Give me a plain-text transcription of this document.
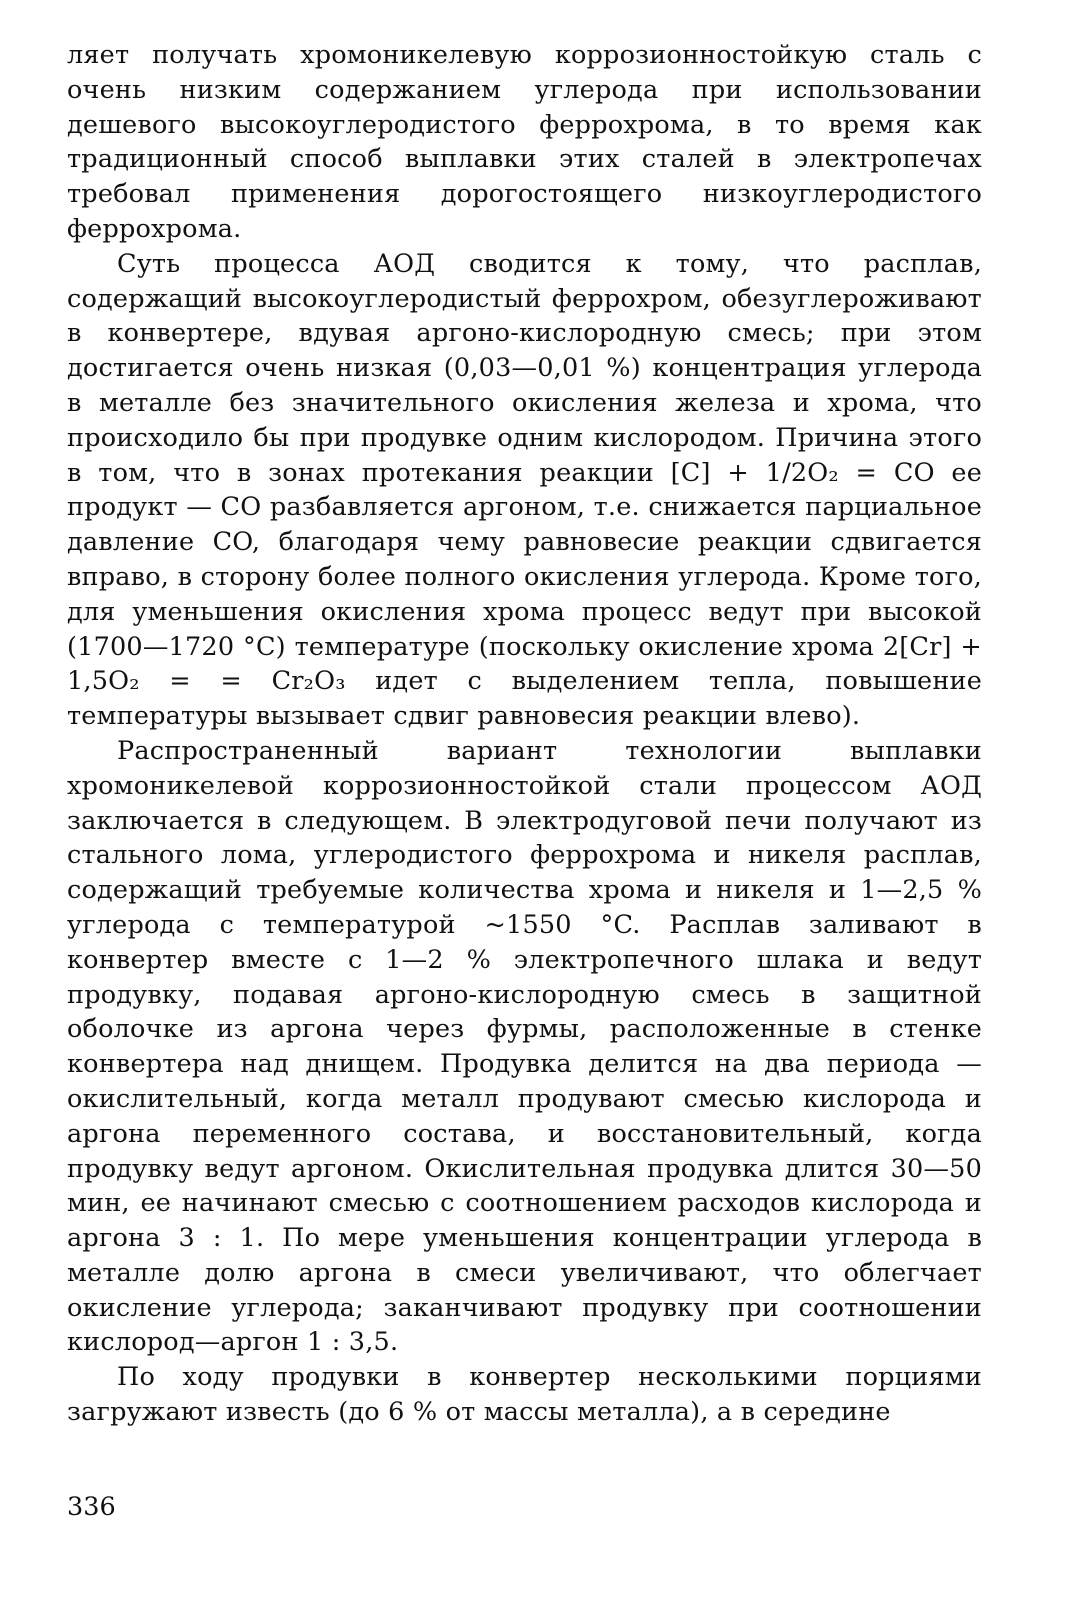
ляет получать хромоникелевую коррозионностойкую сталь с очень низким содержанием углерода при использовании дешевого высокоуглеродистого феррохрома, в то время как традиционный способ выплавки этих сталей в электропечах требовал применения дорогостоящего низкоуглеродистого феррохрома.

Суть процесса АОД сводится к тому, что расплав, содержащий высокоуглеродистый феррохром, обезуглероживают в конвертере, вдувая аргоно-кислородную смесь; при этом достигается очень низкая (0,03—0,01 %) концентрация углерода в металле без значительного окисления железа и хрома, что происходило бы при продувке одним кислородом. Причина этого в том, что в зонах протекания реакции [C] + 1/2O₂ = CO ее продукт — CO разбавляется аргоном, т.е. снижается парциальное давление CO, благодаря чему равновесие реакции сдвигается вправо, в сторону более полного окисления углерода. Кроме того, для уменьшения окисления хрома процесс ведут при высокой (1700—1720 °C) температуре (поскольку окисление хрома 2[Cr] + 1,5O₂ = = Cr₂O₃ идет с выделением тепла, повышение температуры вызывает сдвиг равновесия реакции влево).

Распространенный вариант технологии выплавки хромоникелевой коррозионностойкой стали процессом АОД заключается в следующем. В электродуговой печи получают из стального лома, углеродистого феррохрома и никеля расплав, содержащий требуемые количества хрома и никеля и 1—2,5 % углерода с температурой ~1550 °C. Расплав заливают в конвертер вместе с 1—2 % электропечного шлака и ведут продувку, подавая аргоно-кислородную смесь в защитной оболочке из аргона через фурмы, расположенные в стенке конвертера над днищем. Продувка делится на два периода — окислительный, когда металл продувают смесью кислорода и аргона переменного состава, и восстановительный, когда продувку ведут аргоном. Окислительная продувка длится 30—50 мин, ее начинают смесью с соотношением расходов кислорода и аргона 3 : 1. По мере уменьшения концентрации углерода в металле долю аргона в смеси увеличивают, что облегчает окисление углерода; заканчивают продувку при соотношении кислород—аргон 1 : 3,5.

По ходу продувки в конвертер несколькими порциями загружают известь (до 6 % от массы металла), а в середине

336
